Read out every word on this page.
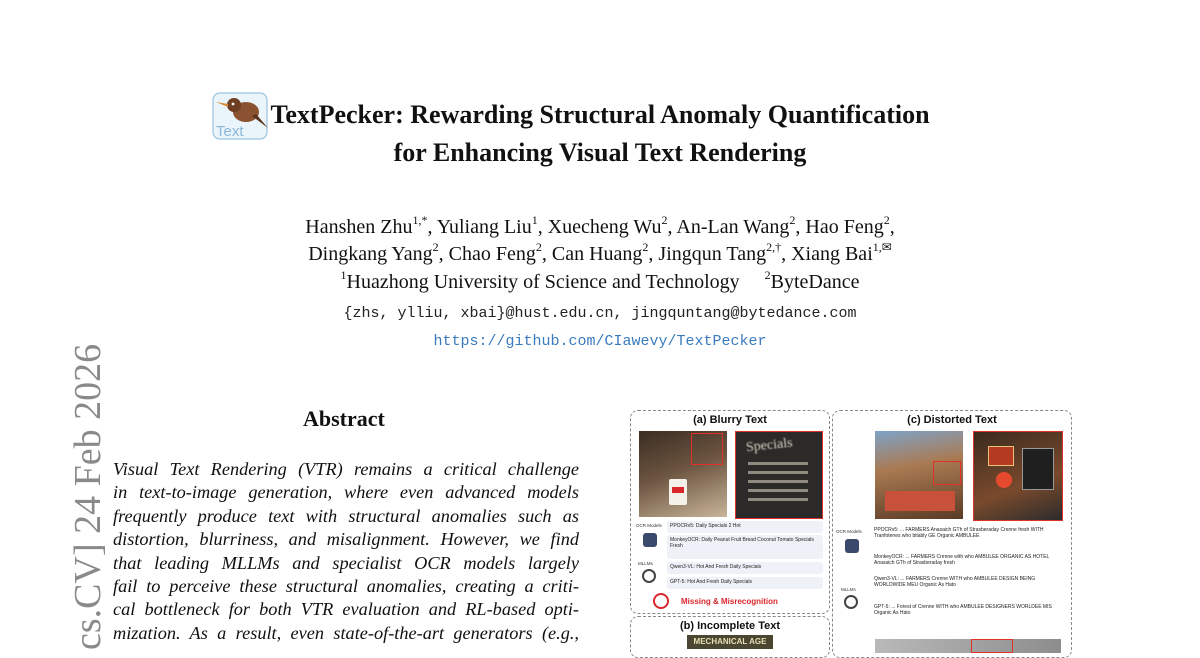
Text
TextPecker: Rewarding Structural Anomaly Quantification
for Enhancing Visual Text Rendering
Hanshen Zhu$^{1,*}$, Yuliang Liu$^1$, Xuecheng Wu$^2$, An-Lan Wang$^2$, Hao Feng$^2$,
Dingkang Yang$^2$, Chao Feng$^2$, Can Huang$^2$, Jingqun Tang$^{2,\dagger}$, Xiang Bai$^{1,✉}$
$^1$Huazhong University of Science and Technology $^2$ByteDance
{zhs, ylliu, xbai}@hust.edu.cn, jingquntang@bytedance.com
https://github.com/CIawevy/TextPecker
cs.CV] 24 Feb 2026	Abstract
Visual Text Rendering (VTR) remains a critical challenge
in text-to-image generation, where even advanced models
frequently produce text with structural anomalies such as
distortion, blurriness, and misalignment. However, we find
that leading MLLMs and specialist OCR models largely
fail to perceive these structural anomalies, creating a criti-
cal bottleneck for both VTR evaluation and RL-based opti-
mization. As a result, even state-of-the-art generators (e.g.,
(a) Blurry Text
Specials
OCR Models
MLLMs
PPOCRv5: Daily Specials 2 Hot
MonkeyOCR: Daily Peanut Fruit Bread Coconut Tomato Specials Fresh
Qwen3-VL: Hot And Fresh Daily Specials
GPT-5: Hot And Fresh Daily Specials
Missing & Misrecognition
(b) Incomplete Text
MECHANICAL AGE
(c) Distorted Text
OCR Models
MLLMs
PPOCRv5: ... FARMERS Anasaich GTh of Strasberaday Crenne fresh WITH Tranfotenes who bitably GE Organic AMBULEE
MonkeyOCR: ... FARMERS Crenne with who AMBULEE ORGANIC AS HOTEL Anasaich GTh of Strasberaday fresh
Qwen3-VL: ... FARMERS Crenne WITH who AMBULEE DESIGN BEING WORLDWIDE MEU Organic As Hato
GPT-5: ... Forest of Crenne WITH who AMBULEE DESIGNERS WORLDEE MIS Organic As Hato
